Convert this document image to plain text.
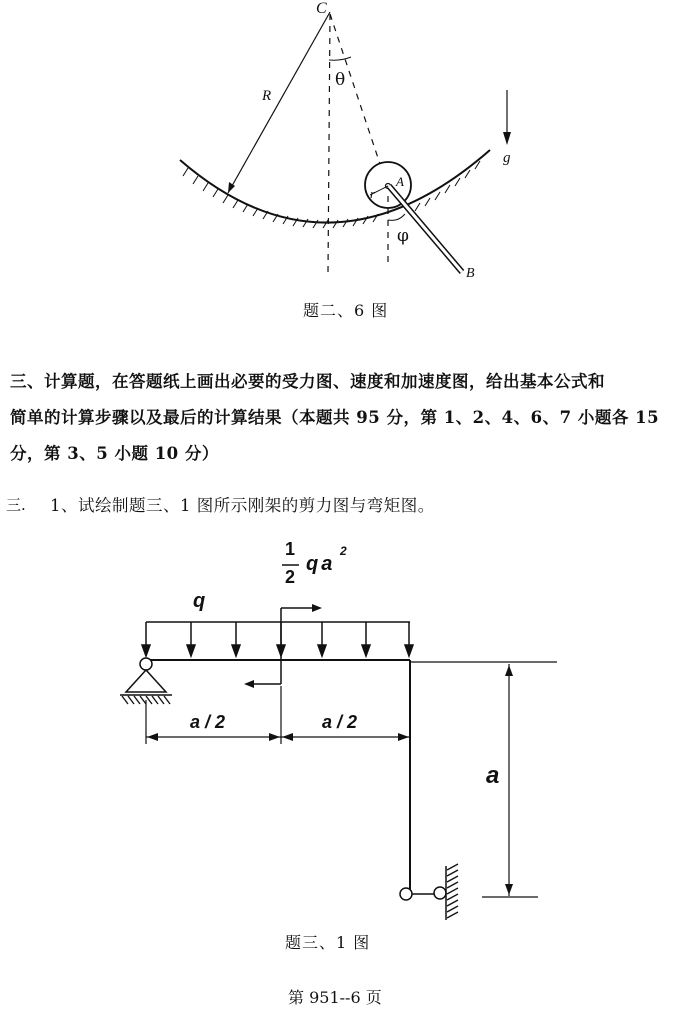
C
R
θ
A
r
φ
B
g
题二、6 图
三、计算题，在答题纸上画出必要的受力图、速度和加速度图，给出基本公式和
简单的计算步骤以及最后的计算结果（本题共 95 分，第 1、2、4、6、7 小题各 15
分，第 3、5 小题 10 分）
三. 1、试绘制题三、1 图所示刚架的剪力图与弯矩图。
1
2
qa
2
q
a / 2	a / 2
a
题三、1 图
第 951--6 页
